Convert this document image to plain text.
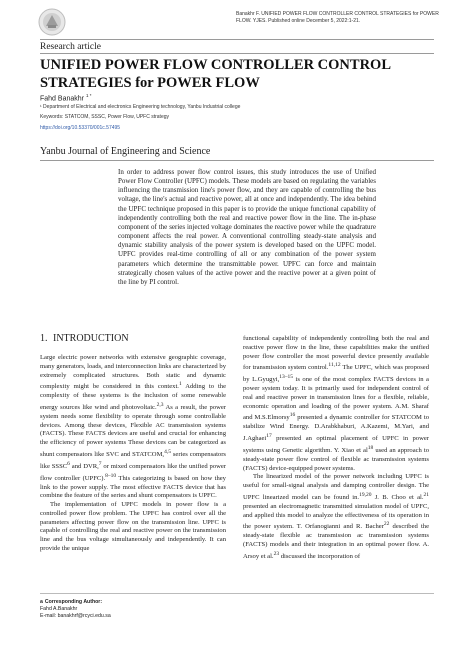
Banakhr F. UNIFIED POWER FLOW CONTROLLER CONTROL STRATEGIES for POWER
FLOW. YJES. Published online December 5, 2022:1-21.
Research article
UNIFIED POWER FLOW CONTROLLER CONTROL STRATEGIES for POWER FLOW
Fahd Banakhr $^{1 *}$
¹ Department of Electrical and electronics Engineering technology, Yanbu Industrial college
Keywords: STATCOM, SSSC, Power Flow, UPFC strategy
https://doi.org/10.53370/001c.57495
Yanbu Journal of Engineering and Science
In order to address power flow control issues, this study introduces the use of Unified Power Flow Controller (UPFC) models. These models are based on regulating the variables influencing the transmission line's power flow, and they are capable of controlling the bus voltage, the line's actual and reactive power, all at once and independently. The idea behind the UPFC technique proposed in this paper is to provide the unique functional capability of independently controlling both the real and reactive power flow in the line. The in-phase component of the series injected voltage dominates the reactive power while the quadrature component affects the real power. A conventional controlling steady-state analysis and dynamic stability analysis of the power system is developed based on the UPFC model. UPFC provides real-time controlling of all or any combination of the power system parameters which determine the transmittable power. UPFC can force and maintain strategically chosen values of the active power and the reactive power at a given point of the line by PI control.
1. INTRODUCTION

Large electric power networks with extensive geographic coverage, many generators, loads, and interconnection links are characterized by extremely complicated structures. Both static and dynamic complexity might be considered in this context.$^1$ Adding to the complexity of these systems is the inclusion of some renewable energy sources like wind and photovoltaic.$^{2,3}$ As a result, the power system needs some flexibility to operate through some controllable devices. Among these devices, Flexible AC transmission systems (FACTS). These FACTS devices are useful and crucial for enhancing the efficiency of power systems These devices can be categorized as shunt compensators like SVC and STATCOM,$^{4,5}$ series compensators like SSSC$^6$ and DVR,$^7$ or mixed compensators like the unified power flow controller (UPFC).$^{8-10}$ This categorizing is based on how they link to the power supply. The most effective FACTS device that has combine the feature of the series and shunt compensators is UPFC.

The implementation of UPFC models in power flow is a controlled power flow problem. The UPFC has control over all the parameters affecting power flow on the transmission line. UPFC is capable of controlling the real and reactive power on the transmission line and the bus voltage simultaneously and independently. It can provide the unique

functional capability of independently controlling both the real and reactive power flow in the line, these capabilities make the unified power flow controller the most powerful device presently available for transmission system control.$^{11,12}$ The UPFC, which was proposed by L.Gyugyi,$^{13-15}$ is one of the most complex FACTS devices in a power system today. It is primarily used for independent control of real and reactive power in transmission lines for a flexible, reliable, economic operation and loading of the power system. A.M. Sharaf and M.S.Elmorsy$^{16}$ presented a dynamic controller for STATCOM to stabilize Wind Energy. D.Arabkhaburi, A.Kazemi, M.Yari, and J.Aghaei$^{17}$ presented an optimal placement of UPFC in power systems using Genetic algorithm. Y. Xiao et $al^{18}$ used an approach to steady-state power flow control of flexible ac transmission systems (FACTS) device-equipped power systems.

The linearized model of the power network including UPFC is useful for small-signal analysis and damping controller design. The UPFC linearized model can be found in.$^{19,20}$ J. B. Choo et al.$^{21}$ presented an electromagnetic transmitted simulation model of UPFC, and applied this model to analyze the effectiveness of its operation in the power system. T. Orfanogianni and R. Bacher$^{22}$ described the steady-state flexible ac transmission ac transmission systems (FACTS) models and their integration in an optimal power flow. A. Arsoy et al.$^{23}$ discussed the incorporation of

a Corresponding Author:
Fahd A.Banakhr
E-mail: banakhrf@rcyci.edu.sa
